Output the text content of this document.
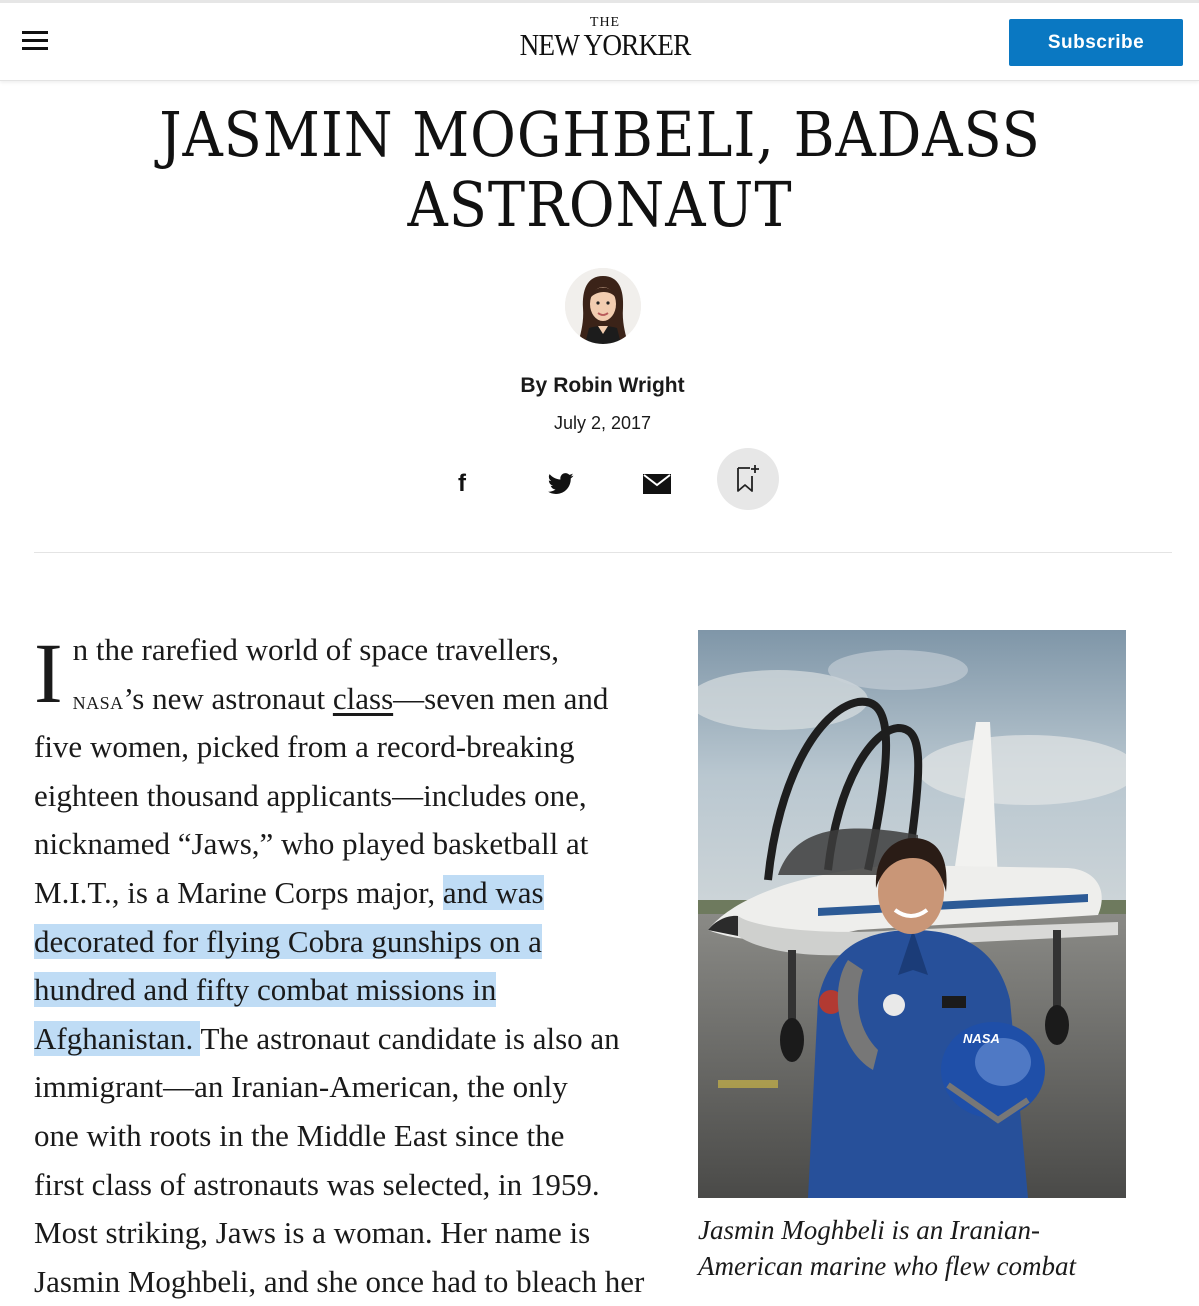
THE
NEW YORKER	Subscribe
JASMIN MOGHBELI, BADASS
ASTRONAUT
By Robin Wright
July 2, 2017
f
I n the rarefied world of space travellers,
nasa’s new astronaut class—seven men and
five women, picked from a record-breaking
eighteen thousand applicants—includes one,
nicknamed “Jaws,” who played basketball at
M.I.T., is a Marine Corps major, and was
decorated for flying Cobra gunships on a
hundred and fifty combat missions in
Afghanistan. The astronaut candidate is also an
immigrant—an Iranian-American, the only
one with roots in the Middle East since the
first class of astronauts was selected, in 1959.
Most striking, Jaws is a woman. Her name is
Jasmin Moghbeli, and she once had to bleach her
NASA
Jasmin Moghbeli is an Iranian-
American marine who flew combat
